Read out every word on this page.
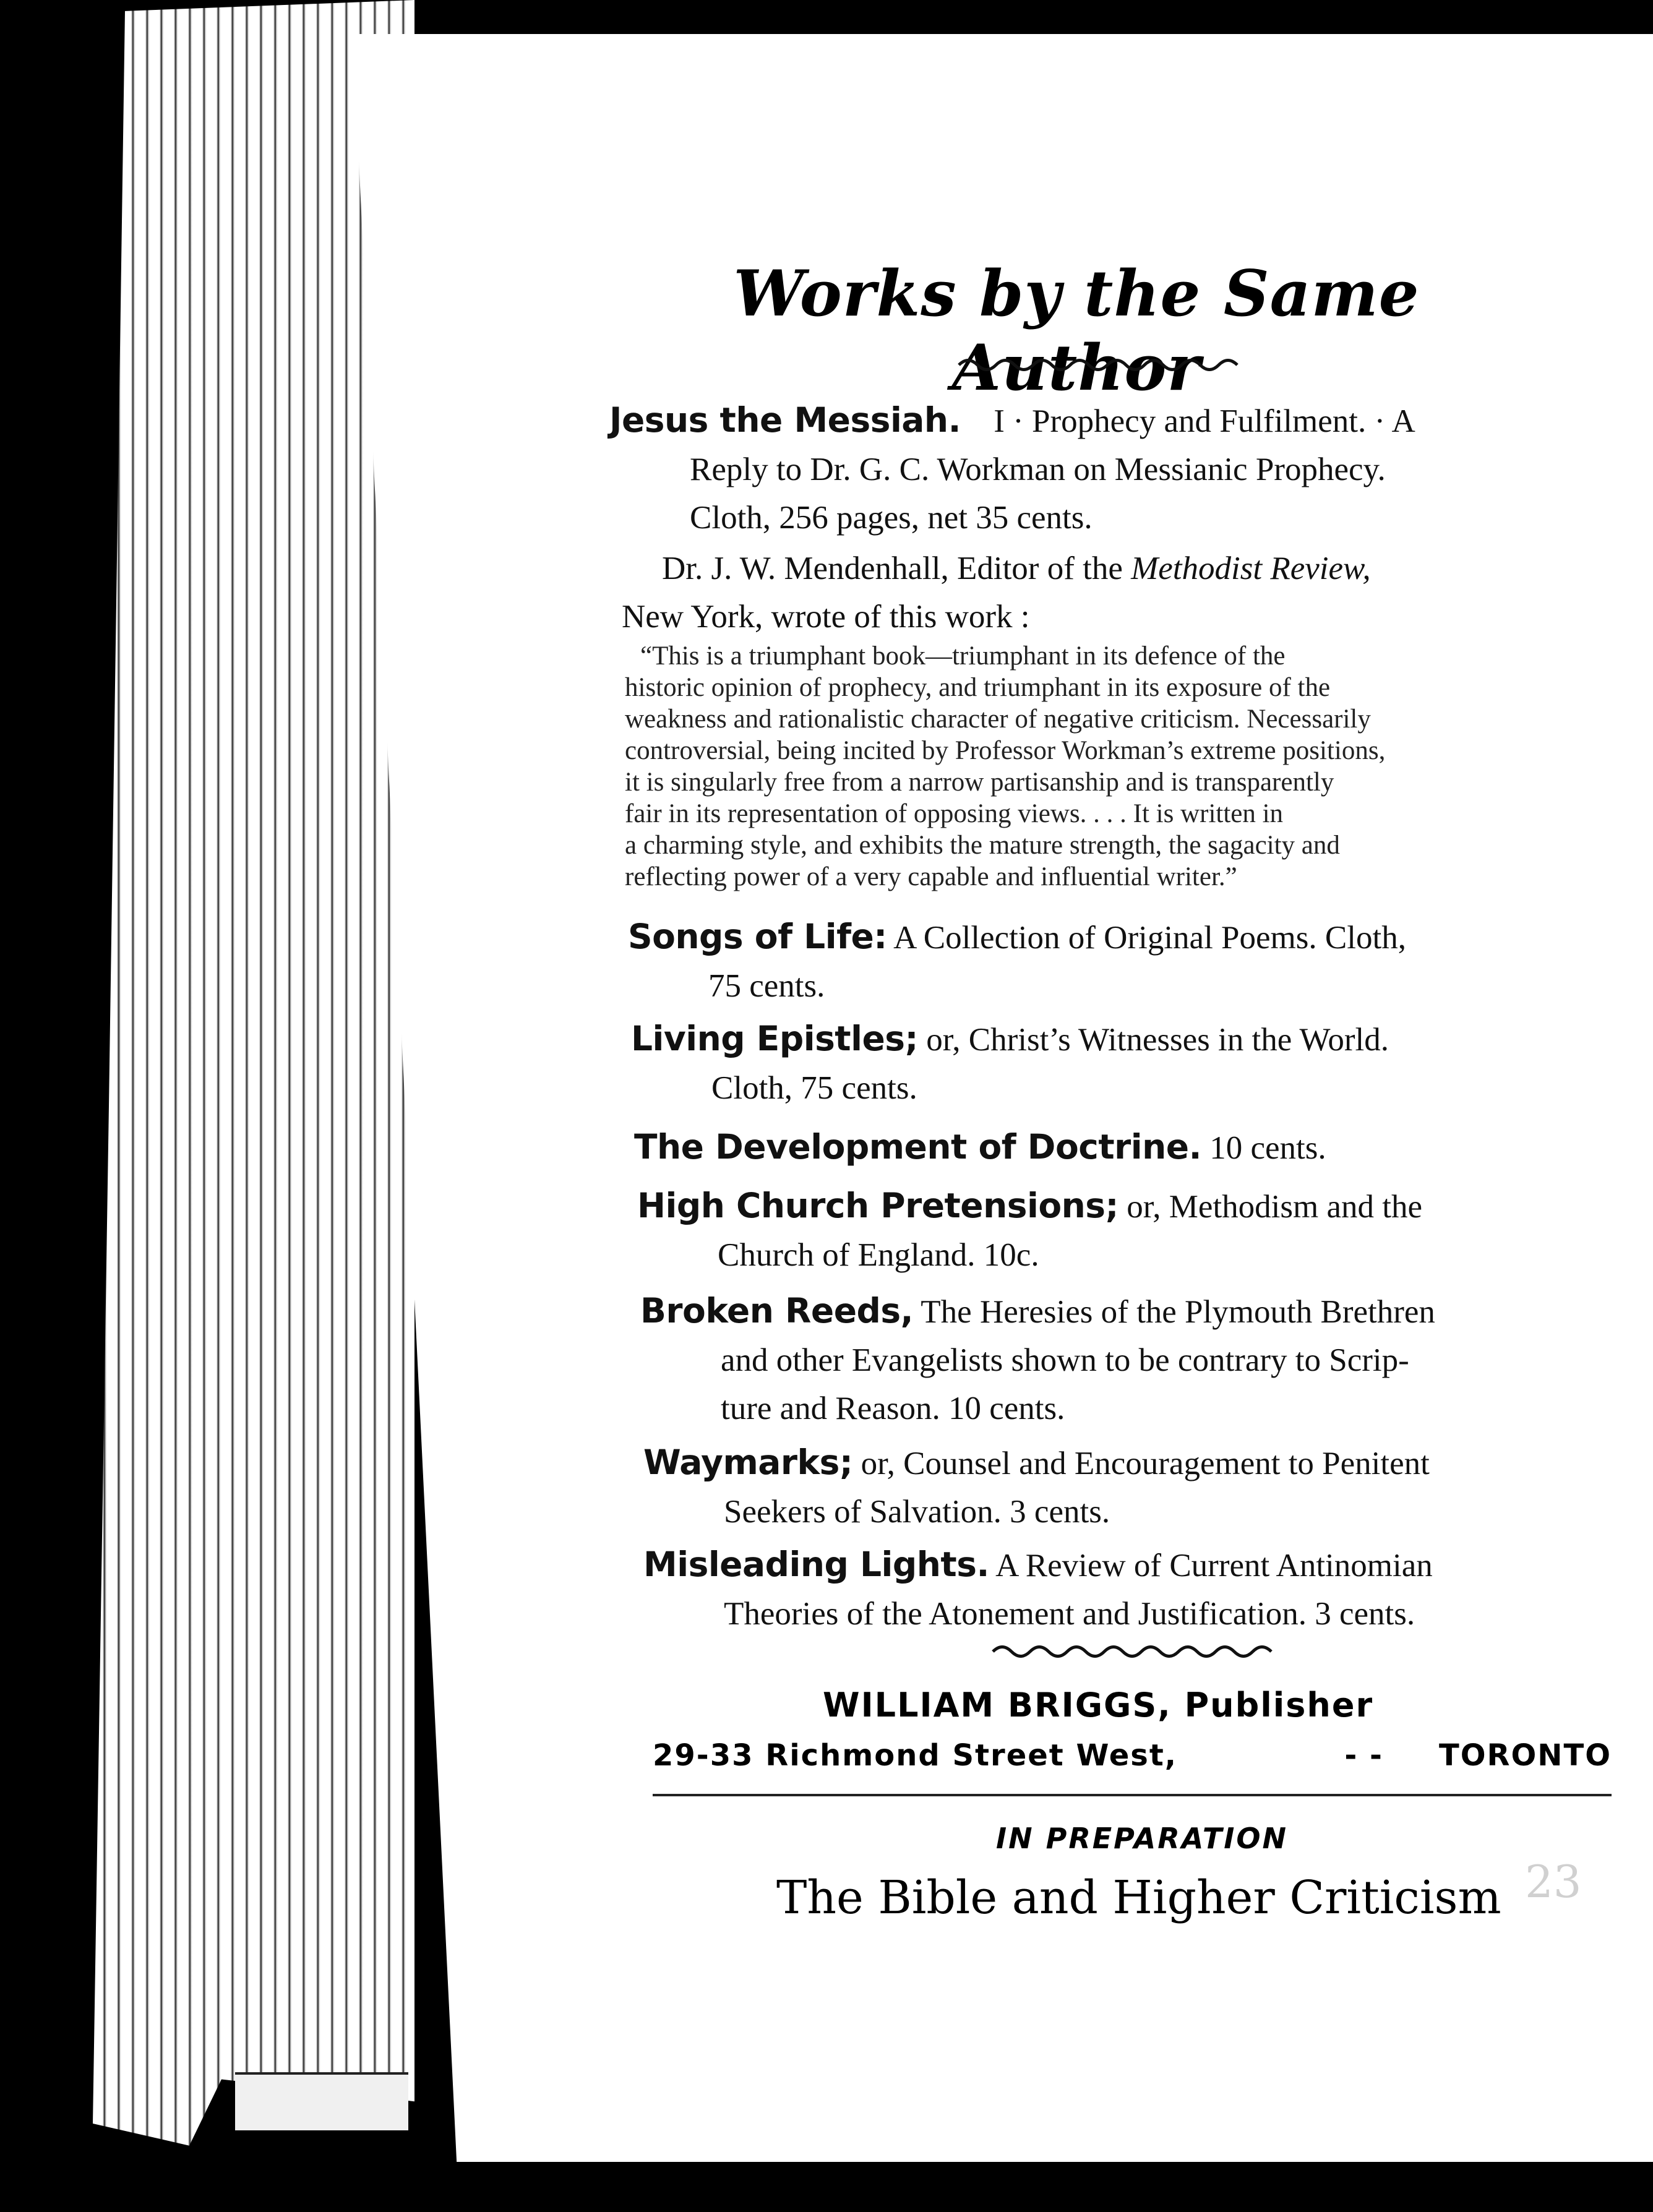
Works by the Same Author
Jesus the Messiah. I · Prophecy and Fulfilment. · A
Reply to Dr. G. C. Workman on Messianic Prophecy.
Cloth, 256 pages, net 35 cents.
Dr. J. W. Mendenhall, Editor of the Methodist Review,
New York, wrote of this work :
“This is a triumphant book—triumphant in its defence of the
historic opinion of prophecy, and triumphant in its exposure of the
weakness and rationalistic character of negative criticism. Necessarily
controversial, being incited by Professor Workman’s extreme positions,
it is singularly free from a narrow partisanship and is transparently
fair in its representation of opposing views. . . . It is written in
a charming style, and exhibits the mature strength, the sagacity and
reflecting power of a very capable and influential writer.”
Songs of Life: A Collection of Original Poems. Cloth,
75 cents.
Living Epistles; or, Christ’s Witnesses in the World.
Cloth, 75 cents.
The Development of Doctrine. 10 cents.
High Church Pretensions; or, Methodism and the
Church of England. 10c.
Broken Reeds, The Heresies of the Plymouth Brethren
and other Evangelists shown to be contrary to Scrip-
ture and Reason. 10 cents.
Waymarks; or, Counsel and Encouragement to Penitent
Seekers of Salvation. 3 cents.
Misleading Lights. A Review of Current Antinomian
Theories of the Atonement and Justification. 3 cents.
WILLIAM BRIGGS, Publisher
29-33 Richmond Street West,	- - TORONTO
IN PREPARATION
The Bible and Higher Criticism 23
